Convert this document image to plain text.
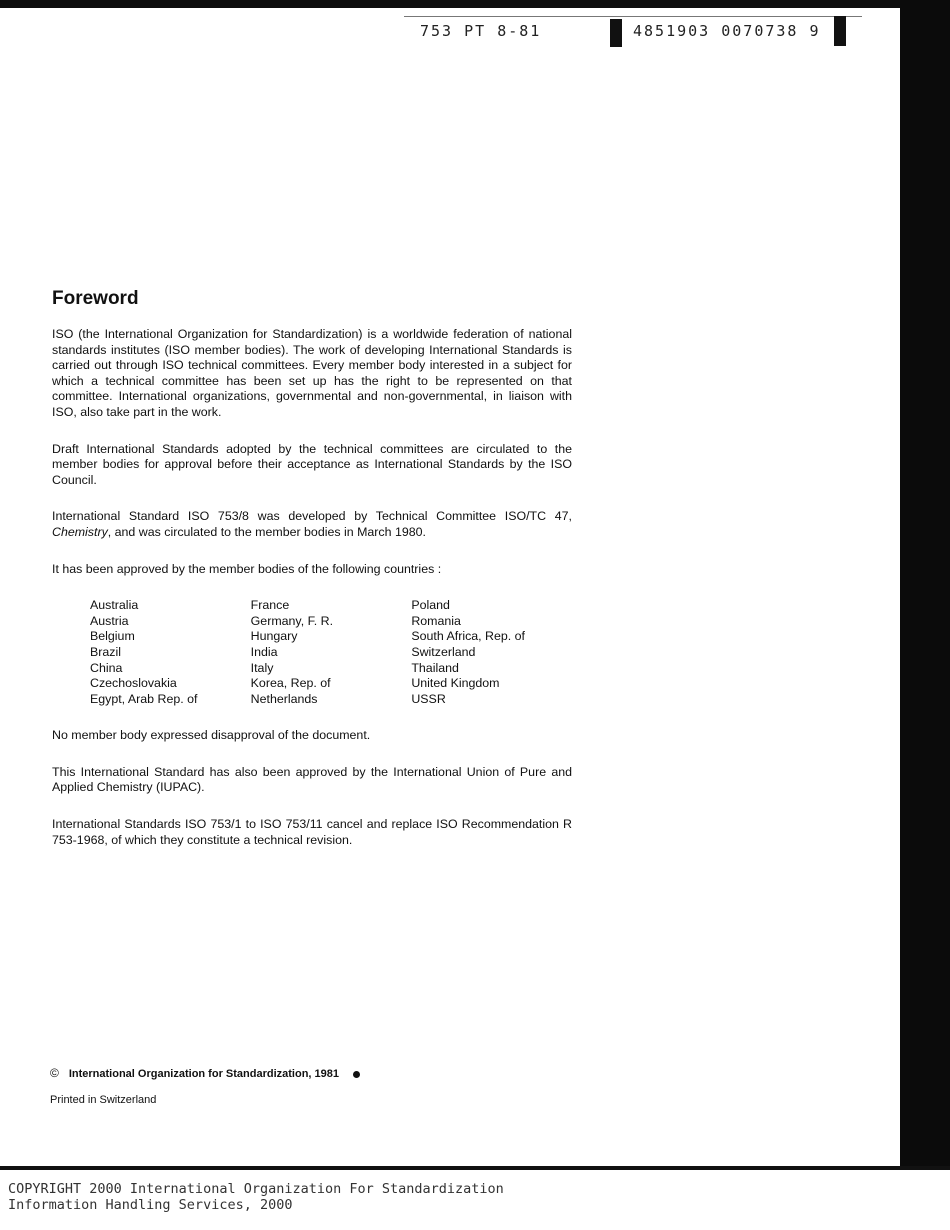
753 PT 8-81	4851903 0070738 9
Foreword

ISO (the International Organization for Standardization) is a worldwide federation of national standards institutes (ISO member bodies). The work of developing International Standards is carried out through ISO technical committees. Every member body interested in a subject for which a technical committee has been set up has the right to be represented on that committee. International organizations, governmental and non-governmental, in liaison with ISO, also take part in the work.

Draft International Standards adopted by the technical committees are circulated to the member bodies for approval before their acceptance as International Standards by the ISO Council.

International Standard ISO 753/8 was developed by Technical Committee ISO/TC 47, Chemistry, and was circulated to the member bodies in March 1980.

It has been approved by the member bodies of the following countries :

Australia
Austria
Belgium
Brazil
China
Czechoslovakia
Egypt, Arab Rep. of
France
Germany, F. R.
Hungary
India
Italy
Korea, Rep. of
Netherlands
Poland
Romania
South Africa, Rep. of
Switzerland
Thailand
United Kingdom
USSR

No member body expressed disapproval of the document.

This International Standard has also been approved by the International Union of Pure and Applied Chemistry (IUPAC).

International Standards ISO 753/1 to ISO 753/11 cancel and replace ISO Recommendation R 753-1968, of which they constitute a technical revision.

© International Organization for Standardization, 1981
Printed in Switzerland
COPYRIGHT 2000 International Organization For Standardization
Information Handling Services, 2000
